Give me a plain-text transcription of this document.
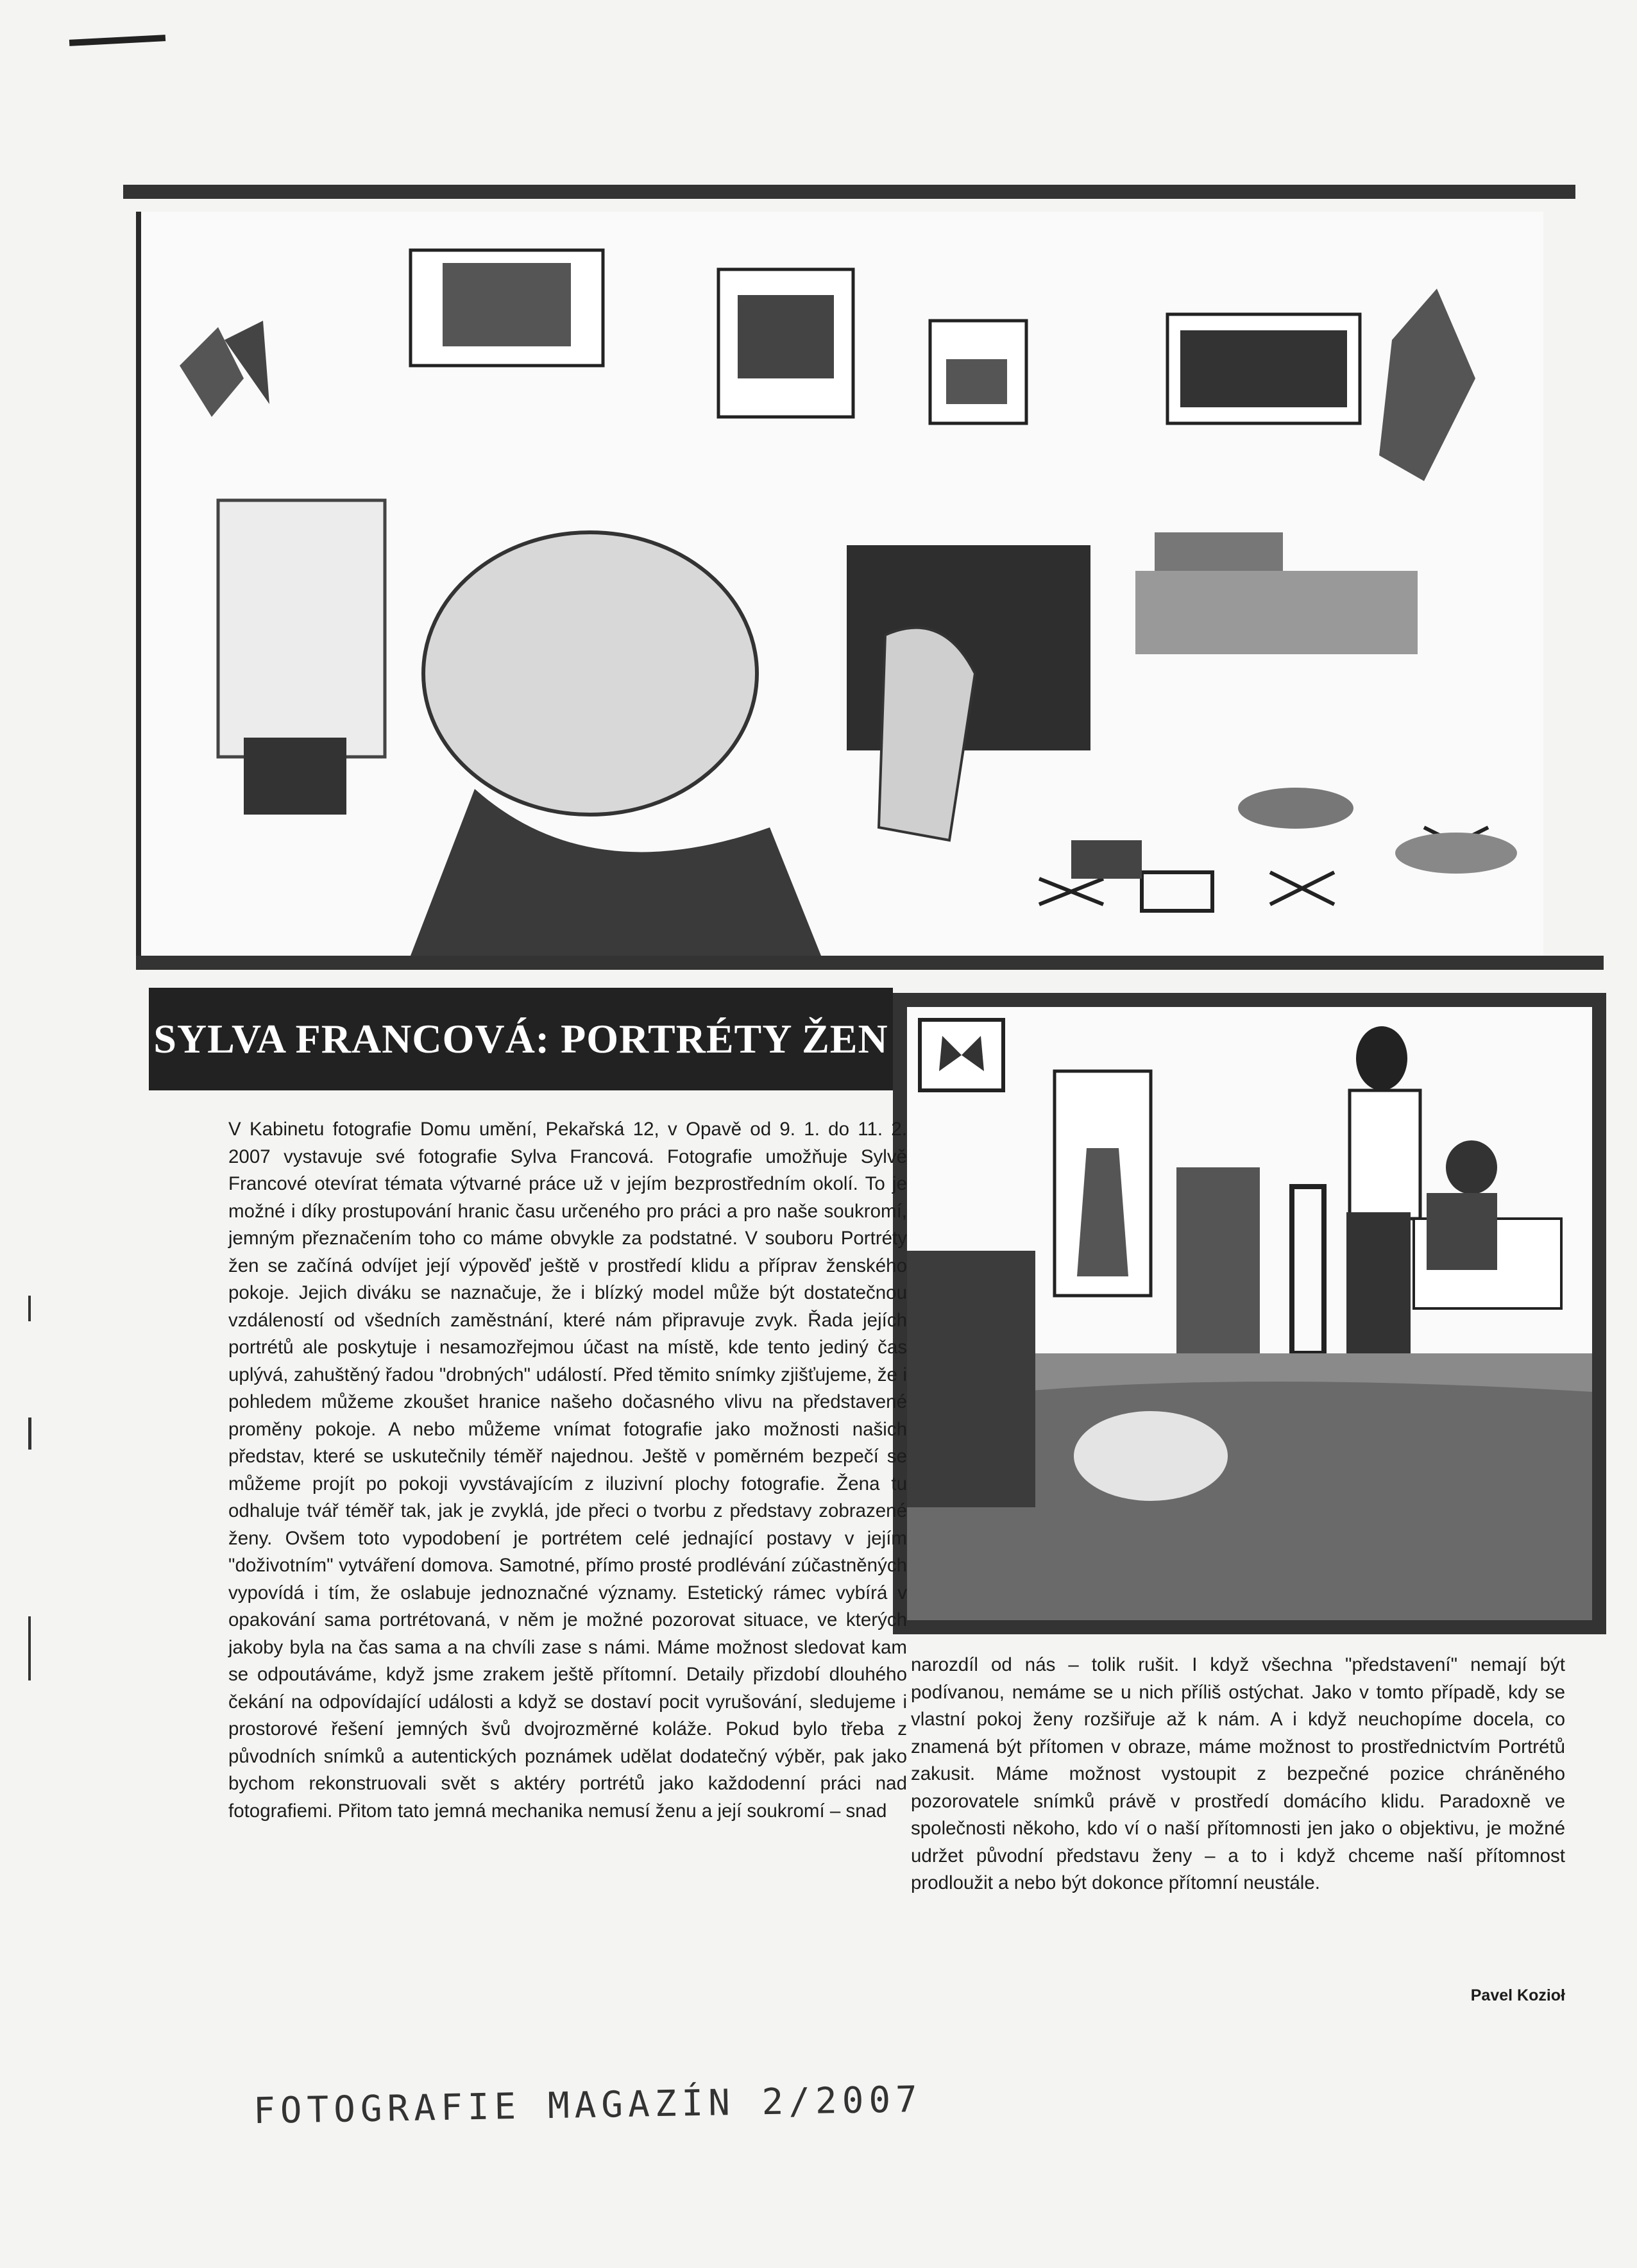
SYLVA FRANCOVÁ: PORTRÉTY ŽEN

V Kabinetu fotografie Domu umění, Pekařská 12, v Opavě od 9. 1. do 11. 2. 2007 vystavuje své fotografie Sylva Francová. Fotografie umožňuje Sylvě Francové otevírat témata výtvarné práce už v jejím bezprostředním okolí. To je možné i díky prostupování hranic času určeného pro práci a pro naše soukromí, jemným přeznačením toho co máme obvykle za podstatné. V souboru Portréty žen se začíná odvíjet její výpověď ještě v prostředí klidu a příprav ženského pokoje. Jejich diváku se naznačuje, že i blízký model může být dostatečnou vzdáleností od všedních zaměstnání, které nám připravuje zvyk. Řada jejích portrétů ale poskytuje i nesamozřejmou účast na místě, kde tento jediný čas uplývá, zahuštěný řadou "drobných" událostí. Před těmito snímky zjišťujeme, že i pohledem můžeme zkoušet hranice našeho dočasného vlivu na představené proměny pokoje. A nebo můžeme vnímat fotografie jako možnosti našich představ, které se uskutečnily téměř najednou. Ještě v poměrném bezpečí se můžeme projít po pokoji vyvstávajícím z iluzivní plochy fotografie. Žena tu odhaluje tvář téměř tak, jak je zvyklá, jde přeci o tvorbu z představy zobrazené ženy. Ovšem toto vypodobení je portrétem celé jednající postavy v jejím "doživotním" vytváření domova. Samotné, přímo prosté prodlévání zúčastněných vypovídá i tím, že oslabuje jednoznačné významy. Estetický rámec vybírá v opakování sama portrétovaná, v něm je možné pozorovat situace, ve kterých jakoby byla na čas sama a na chvíli zase s námi. Máme možnost sledovat kam se odpoutáváme, když jsme zrakem ještě přítomní. Detaily přizdobí dlouhého čekání na odpovídající události a když se dostaví pocit vyrušování, sledujeme i prostorové řešení jemných švů dvojrozměrné koláže. Pokud bylo třeba z původních snímků a autentických poznámek udělat dodatečný výběr, pak jako bychom rekonstruovali svět s aktéry portrétů jako každodenní práci nad fotografiemi. Přitom tato jemná mechanika nemusí ženu a její soukromí – snad

narozdíl od nás – tolik rušit. I když všechna "představení" nemají být podívanou, nemáme se u nich příliš ostýchat. Jako v tomto případě, kdy se vlastní pokoj ženy rozšiřuje až k nám. A i když neuchopíme docela, co znamená být přítomen v obraze, máme možnost to prostřednictvím Portrétů zakusit. Máme možnost vystoupit z bezpečné pozice chráněného pozorovatele snímků právě v prostředí domácího klidu. Paradoxně ve společnosti někoho, kdo ví o naší přítomnosti jen jako o objektivu, je možné udržet původní představu ženy – a to i když chceme naší přítomnost prodloužit a nebo být dokonce přítomní neustále.

Pavel Kozioł
FOTOGRAFIE MAGAZÍN 2/2007
